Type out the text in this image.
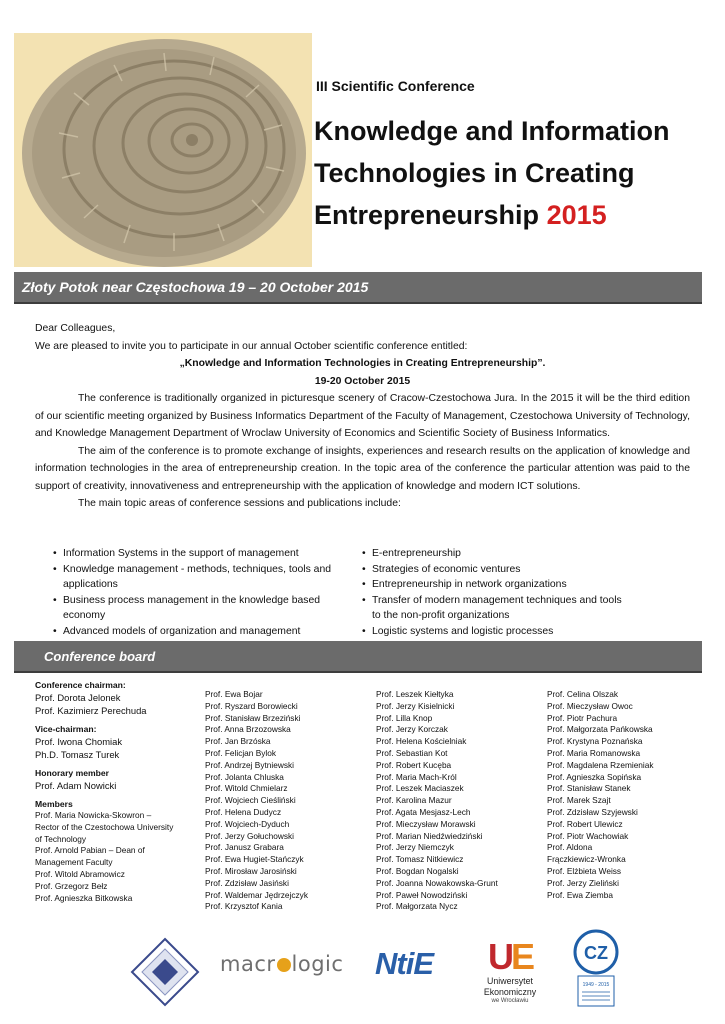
III Scientific Conference
Knowledge and Information
Technologies in Creating
Entrepreneurship 2015
Złoty Potok near Częstochowa 19 – 20 October 2015

Dear Colleagues,

We are pleased to invite you to participate in our annual October scientific conference entitled:

„Knowledge and Information Technologies in Creating Entrepreneurship”.

19-20 October 2015

The conference is traditionally organized in picturesque scenery of Cracow-Czestochowa Jura. In the 2015 it will be the third edition of our scientific meeting organized by Business Informatics Department of the Faculty of Management, Czestochowa University of Technology, and Knowledge Management Department of Wroclaw University of Economics and Scientific Society of Business Informatics.

The aim of the conference is to promote exchange of insights, experiences and research results on the application of knowledge and information technologies in the area of entrepreneurship creation. In the topic area of the conference the particular attention was paid to the support of creativity, innovativeness and entrepreneurship with the application of knowledge and modern ICT solutions.

The main topic areas of conference sessions and publications include:

• Information Systems in the support of management
• Knowledge management - methods, techniques, tools and applications
• Business process management in the knowledge based economy
• Advanced models of organization and management
• E-entrepreneurship
• Strategies of economic ventures
• Entrepreneurship in network organizations
• Transfer of modern management techniques and tools to the non-profit organizations
• Logistic systems and logistic processes
Conference board
Conference chairman:
Prof. Dorota Jelonek
Prof. Kazimierz Perechuda
Vice-chairman:
Prof. Iwona Chomiak
Ph.D. Tomasz Turek
Honorary member
Prof. Adam Nowicki
Members
Prof. Maria Nowicka-Skowron –
Rector of the Czestochowa University
of Technology
Prof. Arnold Pabian – Dean of
Management Faculty
Prof. Witold Abramowicz
Prof. Grzegorz Bełz
Prof. Agnieszka Bitkowska
Prof. Ewa Bojar
Prof. Ryszard Borowiecki
Prof. Stanisław Brzeziński
Prof. Anna Brzozowska
Prof. Jan Brzóska
Prof. Felicjan Bylok
Prof. Andrzej Bytniewski
Prof. Jolanta Chluska
Prof. Witold Chmielarz
Prof. Wojciech Cieśliński
Prof. Helena Dudycz
Prof. Wojciech-Dyduch
Prof. Jerzy Gołuchowski
Prof. Janusz Grabara
Prof. Ewa Hugiet-Stańczyk
Prof. Mirosław Jarosiński
Prof. Zdzisław Jasiński
Prof. Waldemar Jędrzejczyk
Prof. Krzysztof Kania
Prof. Leszek Kiełtyka
Prof. Jerzy Kisielnicki
Prof. Lilla Knop
Prof. Jerzy Korczak
Prof. Helena Kościelniak
Prof. Sebastian Kot
Prof. Robert Kucęba
Prof. Maria Mach-Król
Prof. Leszek Maciaszek
Prof. Karolina Mazur
Prof. Agata Mesjasz-Lech
Prof. Mieczysław Morawski
Prof. Marian Niedźwiedziński
Prof. Jerzy Niemczyk
Prof. Tomasz Nitkiewicz
Prof. Bogdan Nogalski
Prof. Joanna Nowakowska-Grunt
Prof. Paweł Nowodziński
Prof. Małgorzata Nycz
Prof. Celina Olszak
Prof. Mieczysław Owoc
Prof. Piotr Pachura
Prof. Małgorzata Pańkowska
Prof. Krystyna Poznańska
Prof. Maria Romanowska
Prof. Magdalena Rzemieniak
Prof. Agnieszka Sopińska
Prof. Stanisław Stanek
Prof. Marek Szajt
Prof. Zdzisław Szyjewski
Prof. Robert Ulewicz
Prof. Piotr Wachowiak
Prof. Aldona
Frączkiewicz-Wronka
Prof. Elżbieta Weiss
Prof. Jerzy Zieliński
Prof. Ewa Ziemba
macr logic NtiE	UE
Uniwersytet Ekonomiczny
we Wrocławiu
CZ
1949 - 2015
